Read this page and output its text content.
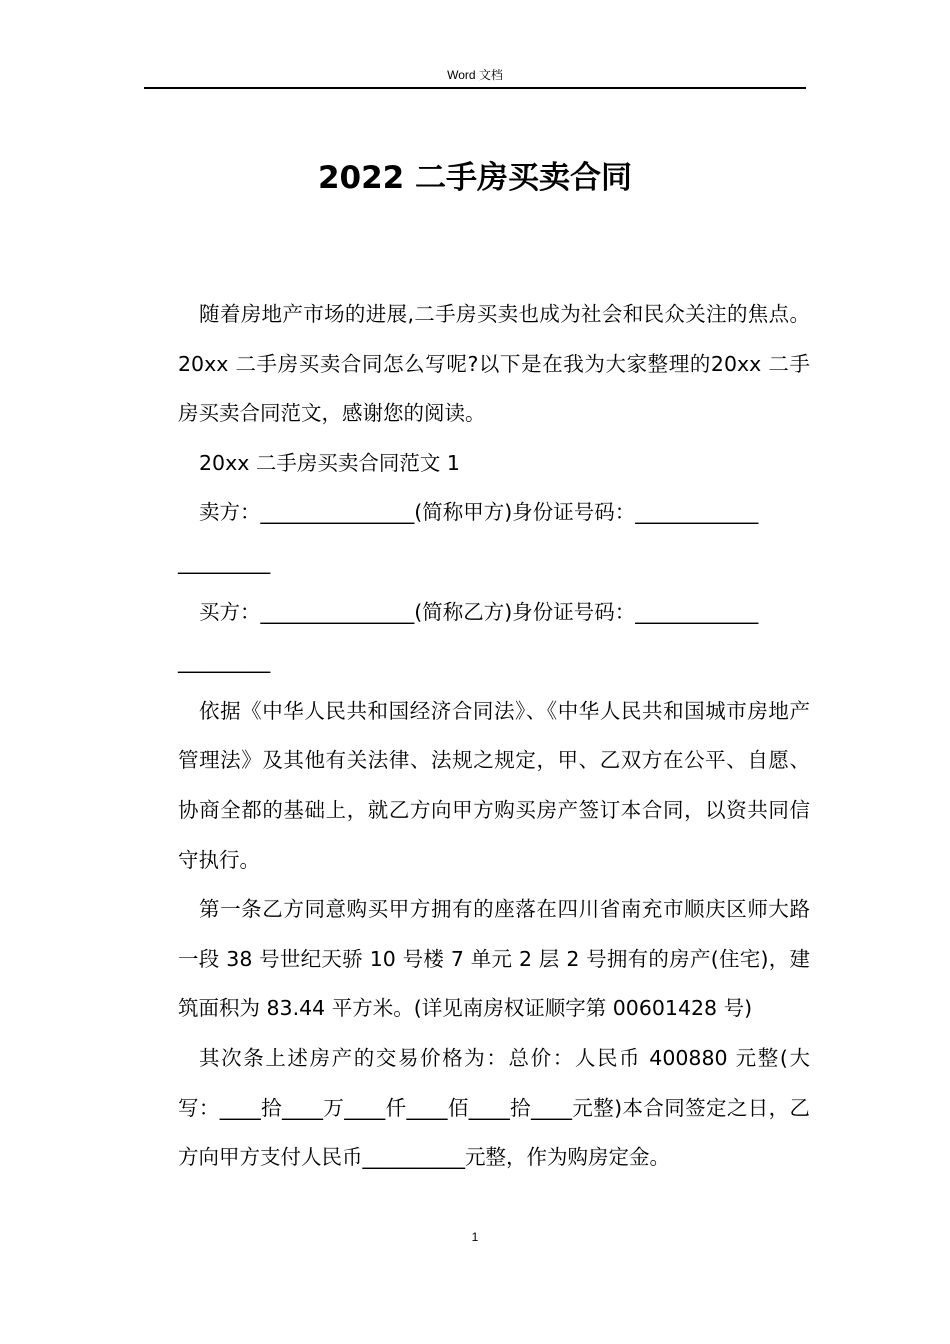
Word 文档
2022 二手房买卖合同

随着房地产市场的进展,二手房买卖也成为社会和民众关注的焦点。20xx 二手房买卖合同怎么写呢?以下是在我为大家整理的20xx 二手房买卖合同范文，感谢您的阅读。

20xx 二手房买卖合同范文 1

卖方：_______________(简称甲方)身份证号码：____________

_________

买方：_______________(简称乙方)身份证号码：____________

_________

依据《中华人民共和国经济合同法》、《中华人民共和国城市房地产管理法》及其他有关法律、法规之规定，甲、乙双方在公平、自愿、协商全都的基础上，就乙方向甲方购买房产签订本合同，以资共同信守执行。

第一条乙方同意购买甲方拥有的座落在四川省南充市顺庆区师大路一段 38 号世纪天骄 10 号楼 7 单元 2 层 2 号拥有的房产(住宅)，建筑面积为 83.44 平方米。(详见南房权证顺字第 00601428 号)

其次条上述房产的交易价格为：总价：人民币 400880 元整(大写：____拾____万____仟____佰____拾____元整)本合同签定之日，乙方向甲方支付人民币__________元整，作为购房定金。

1
